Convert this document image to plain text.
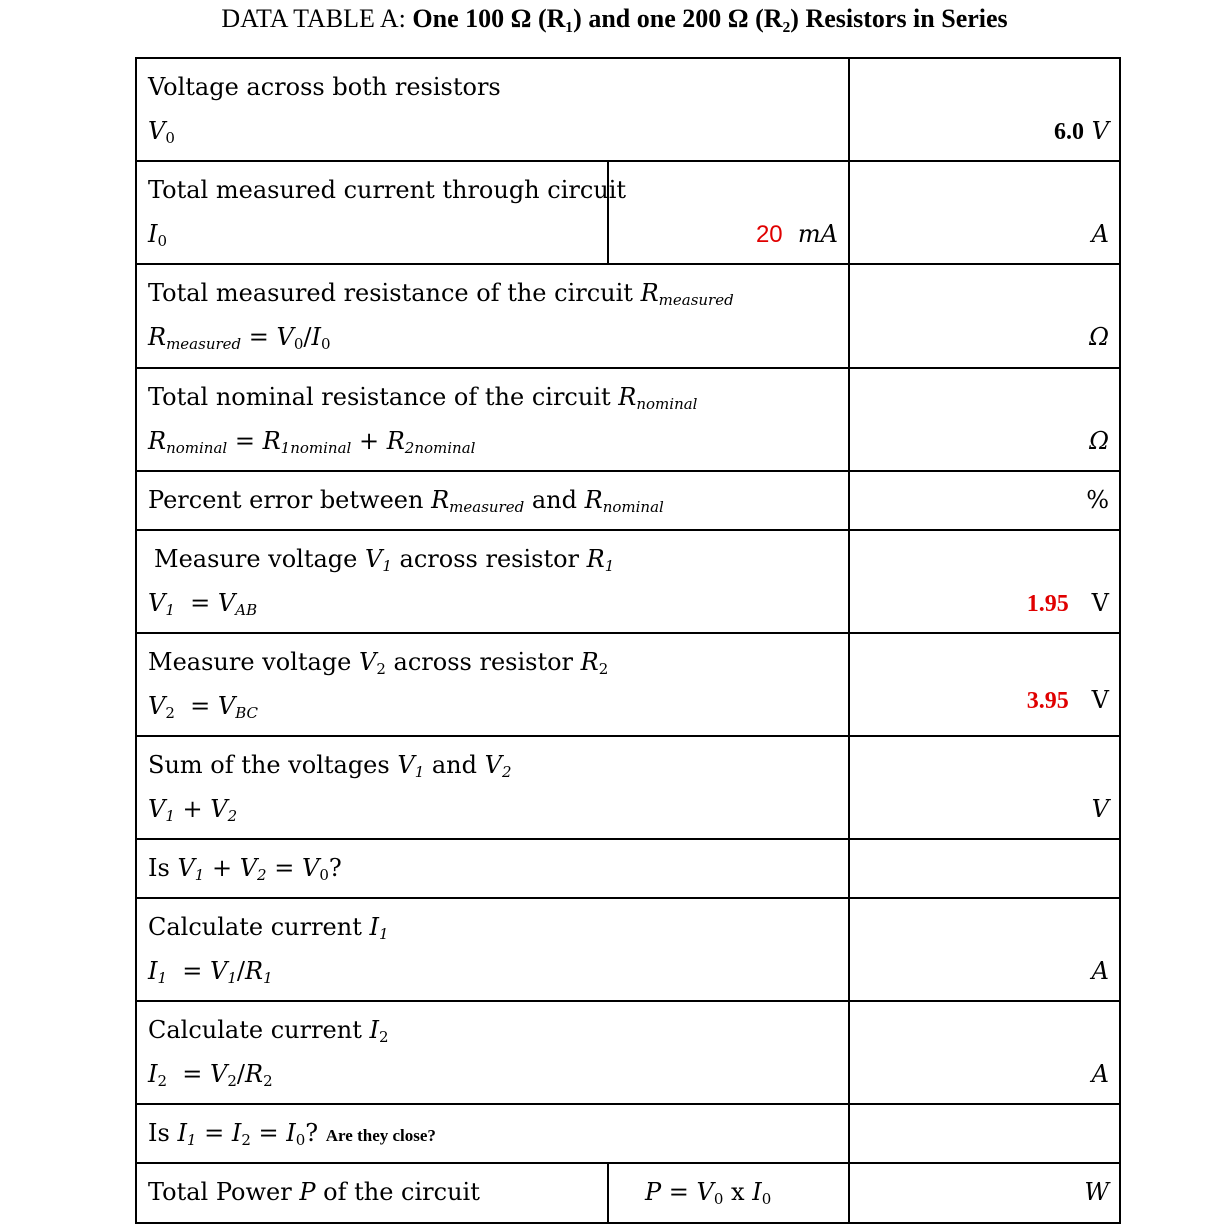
DATA TABLE A: One 100 Ω (R₁) and one 200 Ω (R₂) Resistors in Series
Voltage across both resistors
V0		6.0 V

Total measured current through circuit
I0	20 mA	A

Total measured resistance of the circuit $R_{measured}$
$R_{measured} = V0/I0$		Ω

Total nominal resistance of the circuit $R_{nominal}$
$R_{nominal} = R_{1nominal} + R_{2nominal}$		Ω

Percent error between $R_{measured}$ and $R_{nominal}$		%

Measure voltage $V_1$ across resistor $R_1$
$V_1 = V_{AB}$		1.95 V

Measure voltage V2 across resistor R2
$V2 = V_{BC}$		3.95 V

Sum of the voltages $V_1$ and $V_2$
$V_1 + V_2$		V

Is $V_1 + V_2 = V0$?		

Calculate current $I_1$
$I_1 = V_1/R_1$		A

Calculate current I2
I2  = V2/R2		A

Is $I_1 = I2 = I0$? Are they close?		

Total Power P of the circuit	P = V0 x I0	W
